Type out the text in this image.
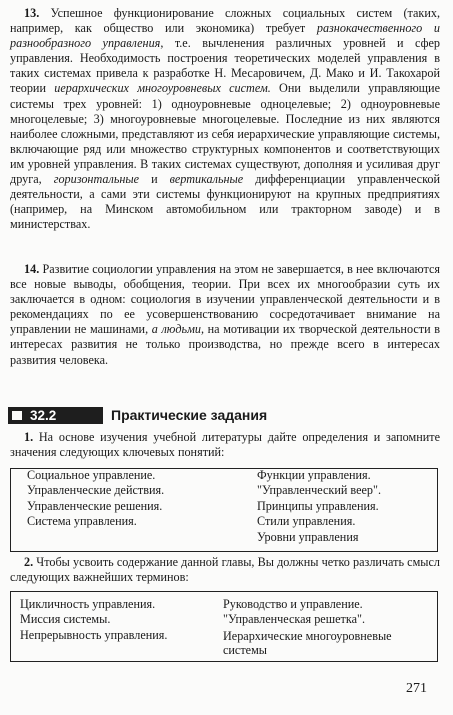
13. Успешное функционирование сложных социальных систем (таких, например, как общество или экономика) требует разнокачественного и разнообразного управления, т.е. вычленения различных уровней и сфер управления. Необходимость построения теоретических моделей управления в таких системах привела к разработке Н. Месаровичем, Д. Мако и И. Такохарой теории иерархических многоуровневых систем. Они выделили управляющие системы трех уровней: 1) одноуровневые одноцелевые; 2) одноуровневые многоцелевые; 3) многоуровневые многоцелевые. Последние из них являются наиболее сложными, представляют из себя иерархические управляющие системы, включающие ряд или множество структурных компонентов и соответствующих им уровней управления. В таких системах существуют, дополняя и усиливая друг друга, горизонтальные и вертикальные дифференциации управленческой деятельности, а сами эти системы функционируют на крупных предприятиях (например, на Минском автомобильном или тракторном заводе) и в министерствах.

14. Развитие социологии управления на этом не завершается, в нее включаются все новые выводы, обобщения, теории. При всех их многообразии суть их заключается в одном: социология в изучении управленческой деятельности и в рекомендациях по ее усовершенствованию сосредотачивает внимание на управлении не машинами, а людьми, на мотивации их творческой деятельности в интересах развития не только производства, но прежде всего в интересах развития человека.

32.2	Практические задания

1. На основе изучения учебной литературы дайте определения и запомните значения следующих ключевых понятий:

Социальное управление.
Управленческие действия.
Управленческие решения.
Система управления.
Функции управления.
"Управленческий веер".
Принципы управления.
Стили управления.
Уровни управления

2. Чтобы усвоить содержание данной главы, Вы должны четко различать смысл следующих важнейших терминов:

Цикличность управления.
Миссия системы.
Непрерывность управления.
Руководство и управление.
"Управленческая решетка".
Иерархические многоуровневые системы
271
